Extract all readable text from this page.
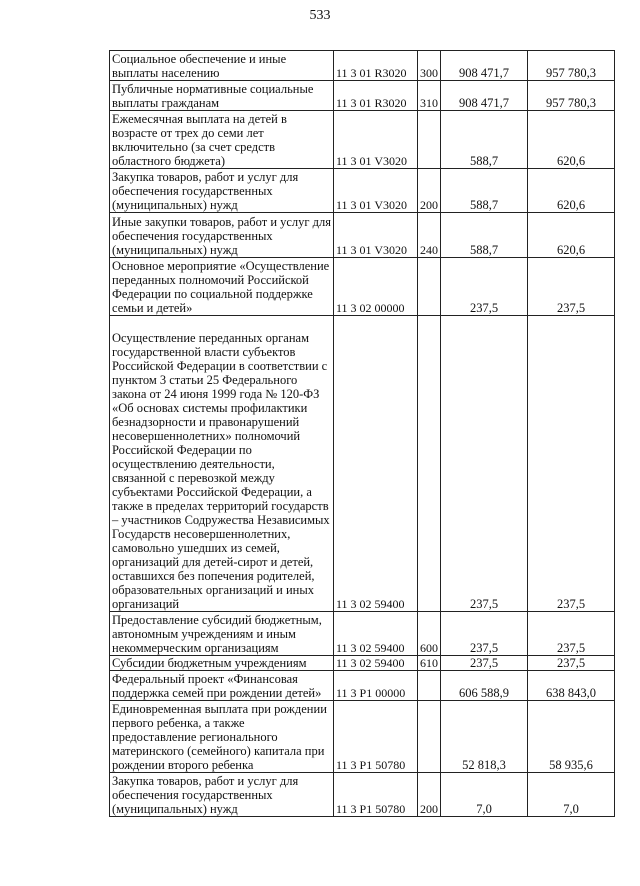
533
Социальное обеспечение и иные выплаты населению	11 3 01 R3020	300	908 471,7	957 780,3
Публичные нормативные социальные выплаты гражданам	11 3 01 R3020	310	908 471,7	957 780,3
Ежемесячная выплата на детей в возрасте от трех до семи лет включительно (за счет средств областного бюджета)	11 3 01 V3020		588,7	620,6
Закупка товаров, работ и услуг для обеспечения государственных (муниципальных) нужд	11 3 01 V3020	200	588,7	620,6
Иные закупки товаров, работ и услуг для обеспечения государственных (муниципальных) нужд	11 3 01 V3020	240	588,7	620,6
Основное мероприятие «Осуществление переданных полномочий Российской Федерации по социальной поддержке семьи и детей»	11 3 02 00000		237,5	237,5
Осуществление переданных органам государственной власти субъектов Российской Федерации в соответствии с пунктом 3 статьи 25 Федерального закона от 24 июня 1999 года № 120-ФЗ «Об основах системы профилактики безнадзорности и правонарушений несовершеннолетних» полномочий Российской Федерации по осуществлению деятельности, связанной с перевозкой между субъектами Российской Федерации, а также в пределах территорий государств – участников Содружества Независимых Государств несовершеннолетних, самовольно ушедших из семей, организаций для детей-сирот и детей, оставшихся без попечения родителей, образовательных организаций и иных организаций	11 3 02 59400		237,5	237,5
Предоставление субсидий бюджетным, автономным учреждениям и иным некоммерческим организациям	11 3 02 59400	600	237,5	237,5
Субсидии бюджетным учреждениям	11 3 02 59400	610	237,5	237,5
Федеральный проект «Финансовая поддержка семей при рождении детей»	11 3 P1 00000		606 588,9	638 843,0
Единовременная выплата при рождении первого ребенка, а также предоставление регионального материнского (семейного) капитала при рождении второго ребенка	11 3 P1 50780		52 818,3	58 935,6
Закупка товаров, работ и услуг для обеспечения государственных (муниципальных) нужд	11 3 P1 50780	200	7,0	7,0
